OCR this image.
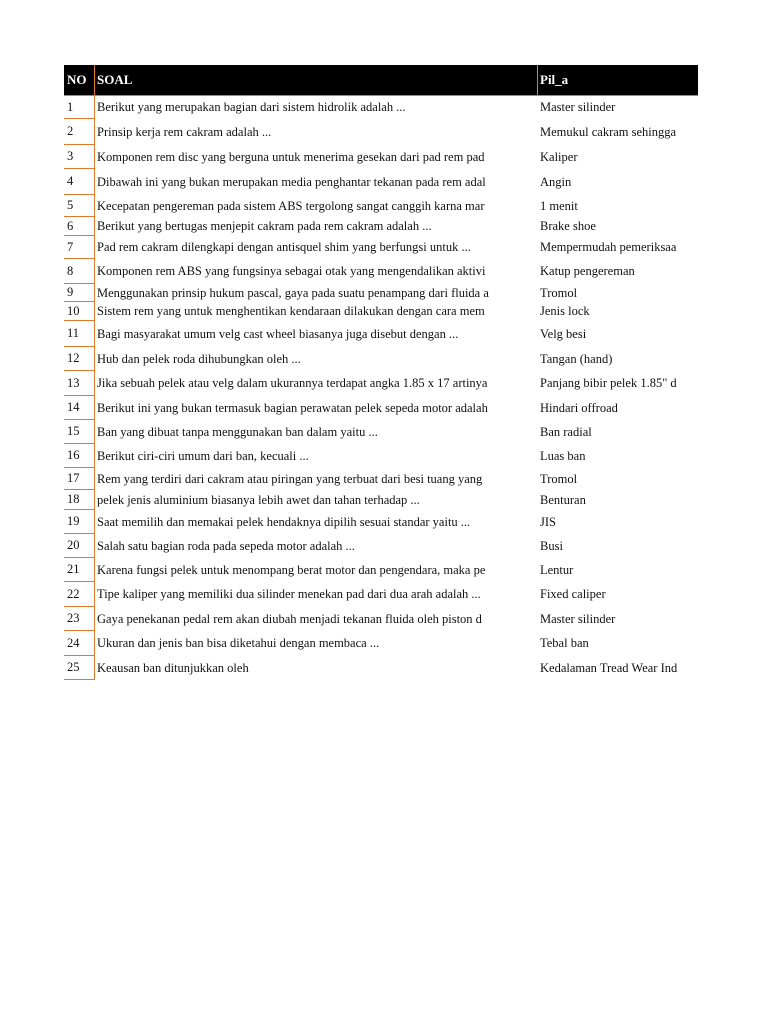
NO SOAL	Pil_a
1	Berikut yang merupakan bagian dari sistem hidrolik adalah ...	Master silinder
2	Prinsip kerja rem cakram adalah ...	Memukul cakram sehingga
3	Komponen rem disc yang berguna untuk menerima gesekan dari pad rem pad	Kaliper
4	Dibawah ini yang bukan merupakan media penghantar tekanan pada rem adal	Angin
5	Kecepatan pengereman pada sistem ABS tergolong sangat canggih karna mar	1 menit
6	Berikut yang bertugas menjepit cakram pada rem cakram adalah ...	Brake shoe
7	Pad rem cakram dilengkapi dengan antisquel shim yang berfungsi untuk ...	Mempermudah pemeriksaa
8	Komponen rem ABS yang fungsinya sebagai otak yang mengendalikan aktivi	Katup pengereman
9	Menggunakan prinsip hukum pascal, gaya pada suatu penampang dari fluida a	Tromol
10	Sistem rem yang untuk menghentikan kendaraan dilakukan dengan cara mem	Jenis lock
11	Bagi masyarakat umum velg cast wheel biasanya juga disebut dengan ...	Velg besi
12	Hub dan pelek roda dihubungkan oleh ...	Tangan (hand)
13	Jika sebuah pelek atau velg dalam ukurannya terdapat angka 1.85 x 17 artinya	Panjang bibir pelek 1.85" d
14	Berikut ini yang bukan termasuk bagian perawatan pelek sepeda motor adalah	Hindari offroad
15	Ban yang dibuat tanpa menggunakan ban dalam yaitu ...	Ban radial
16	Berikut ciri-ciri umum dari ban, kecuali ...	Luas ban
17	Rem yang terdiri dari cakram atau piringan yang terbuat dari besi tuang yang	Tromol
18	pelek jenis aluminium biasanya lebih awet dan tahan terhadap ...	Benturan
19	Saat memilih dan memakai pelek hendaknya dipilih sesuai standar yaitu ...	JIS
20	Salah satu bagian roda pada sepeda motor adalah ...	Busi
21	Karena fungsi pelek untuk menompang berat motor dan pengendara, maka pe	Lentur
22	Tipe kaliper yang memiliki dua silinder menekan pad dari dua arah adalah ...	Fixed caliper
23	Gaya penekanan pedal rem akan diubah menjadi tekanan fluida oleh piston d	Master silinder
24	Ukuran dan jenis ban bisa diketahui dengan membaca ...	Tebal ban
25	Keausan ban ditunjukkan oleh	Kedalaman Tread Wear Ind
